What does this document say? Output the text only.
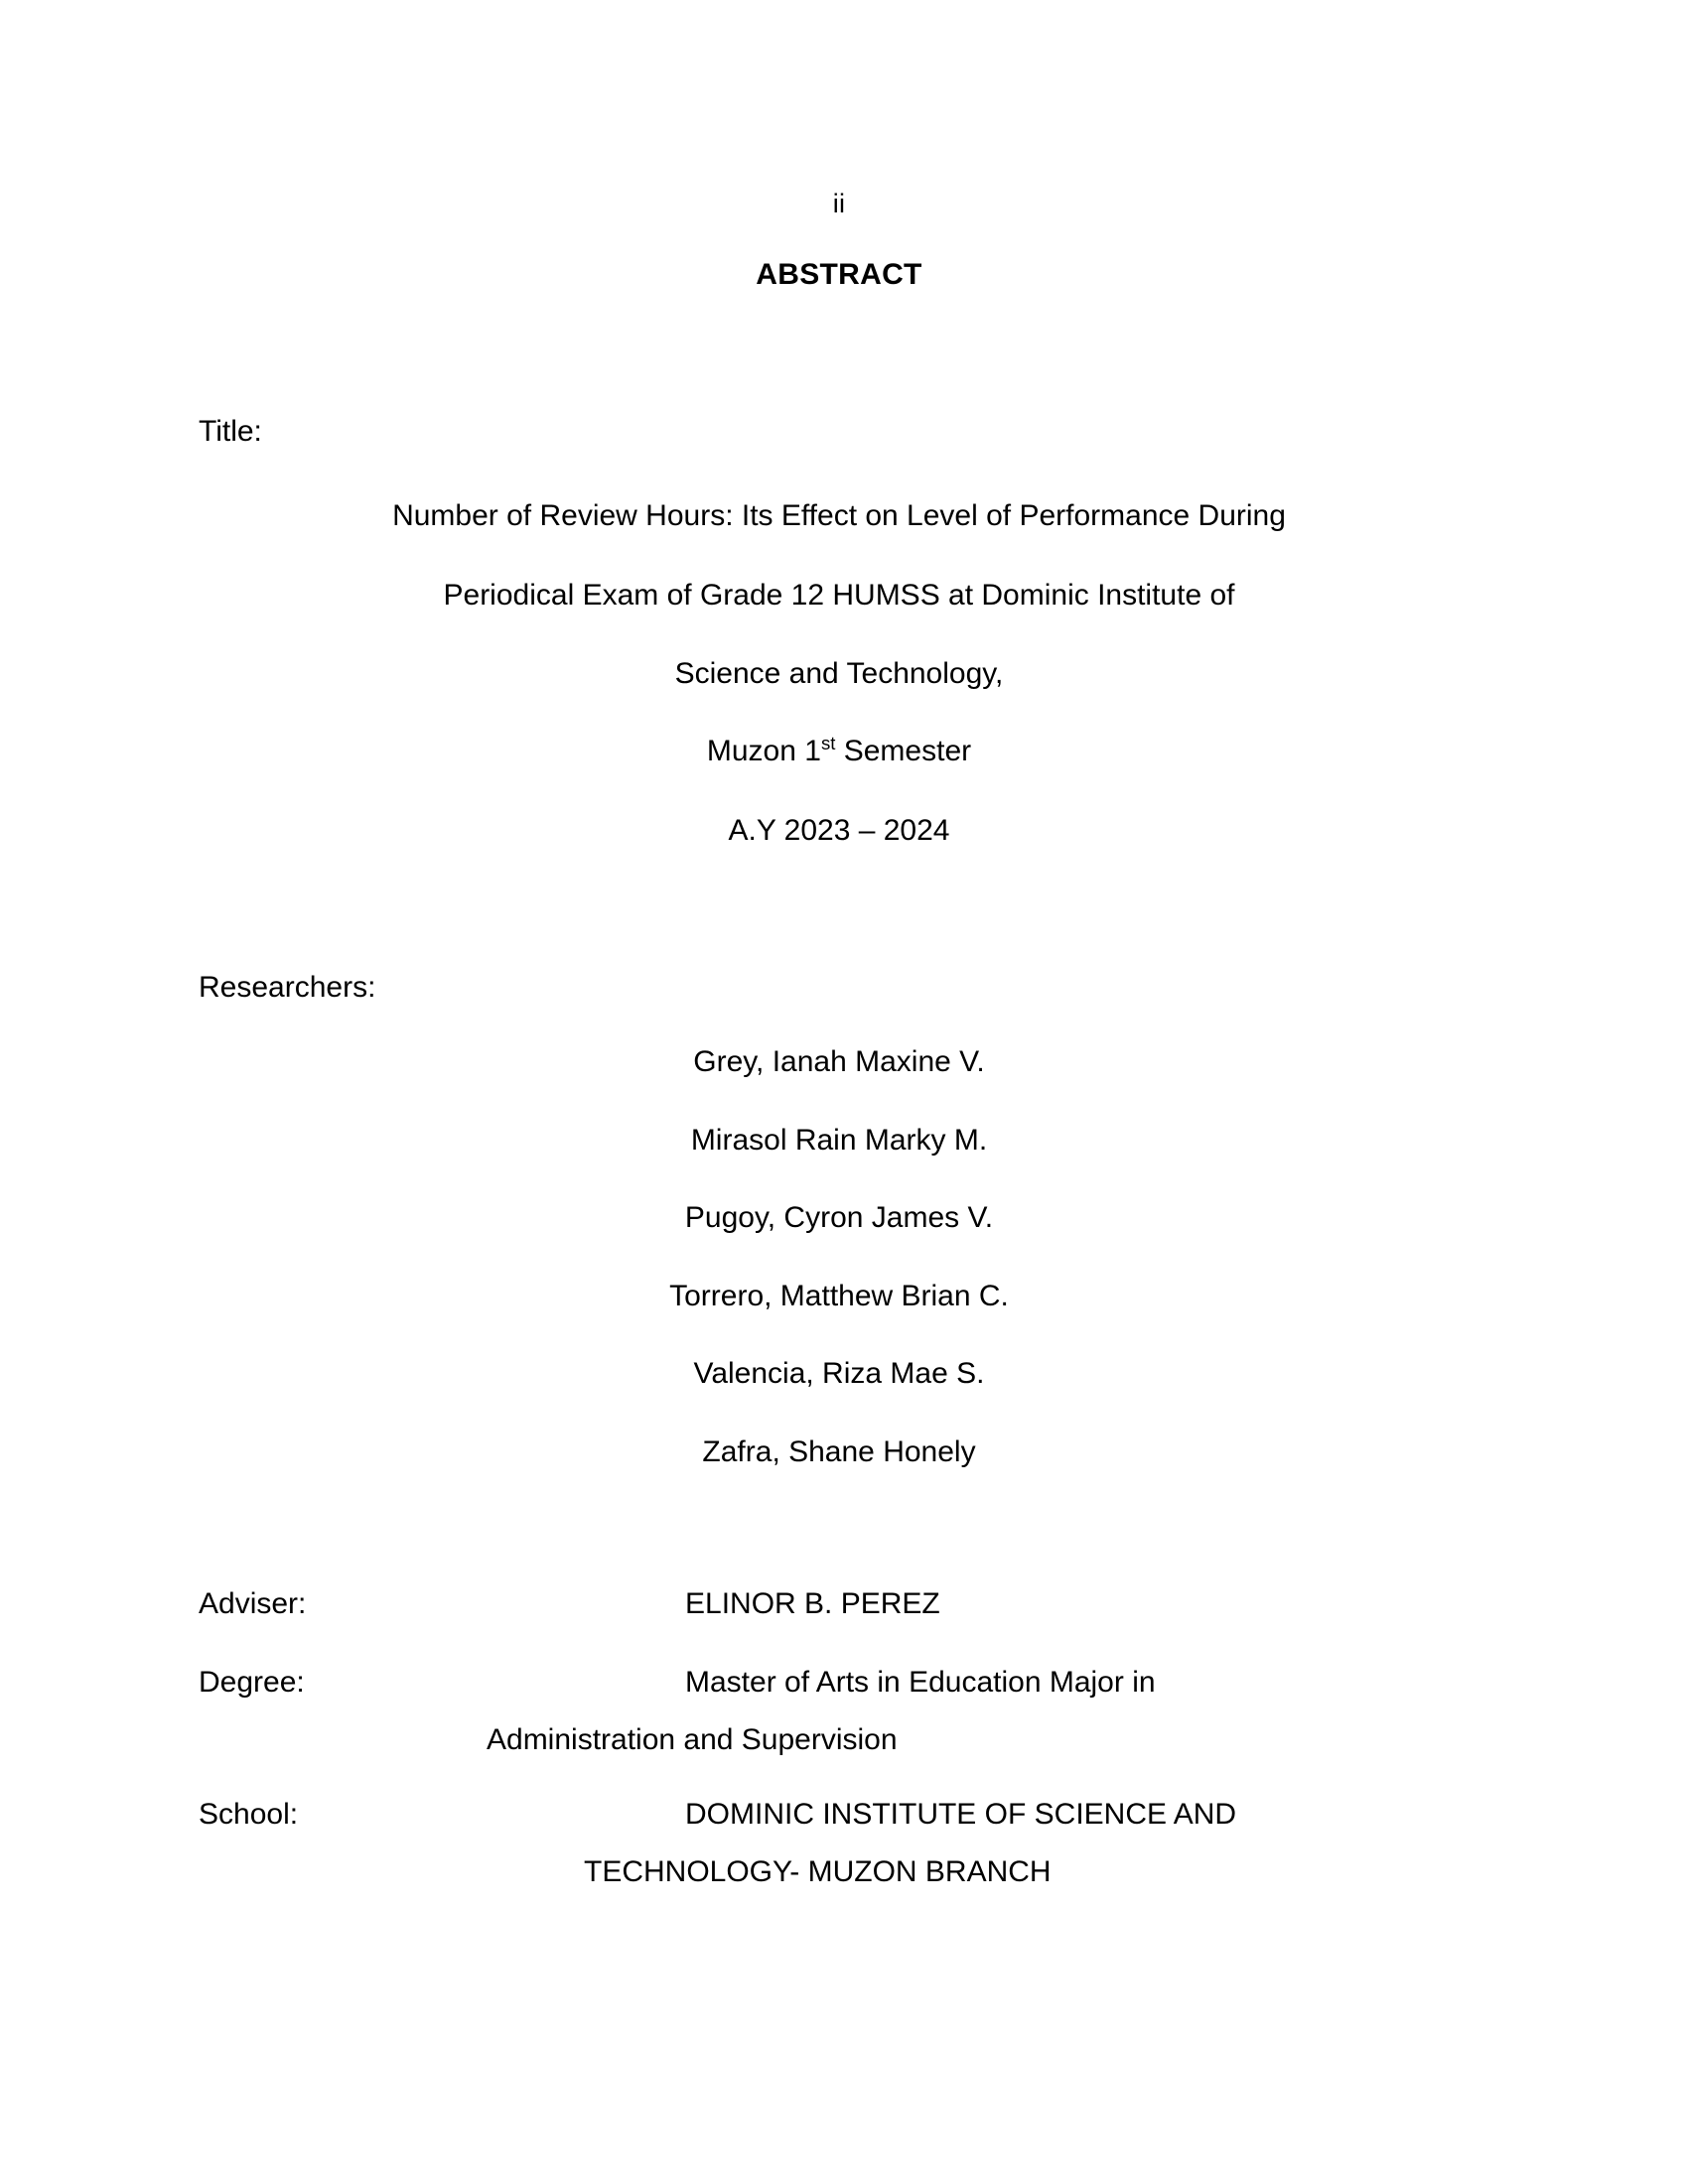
ii
ABSTRACT
Title:
Number of Review Hours: Its Effect on Level of Performance During
Periodical Exam of Grade 12 HUMSS at Dominic Institute of
Science and Technology,
Muzon 1st Semester
A.Y 2023 – 2024
Researchers:
Grey, Ianah Maxine V.
Mirasol Rain Marky M.
Pugoy, Cyron James V.
Torrero, Matthew Brian C.
Valencia, Riza Mae S.
Zafra, Shane Honely
Adviser:	ELINOR B. PEREZ
Degree:	Master of Arts in Education Major in
Administration and Supervision
School:	DOMINIC INSTITUTE OF SCIENCE AND
TECHNOLOGY- MUZON BRANCH
